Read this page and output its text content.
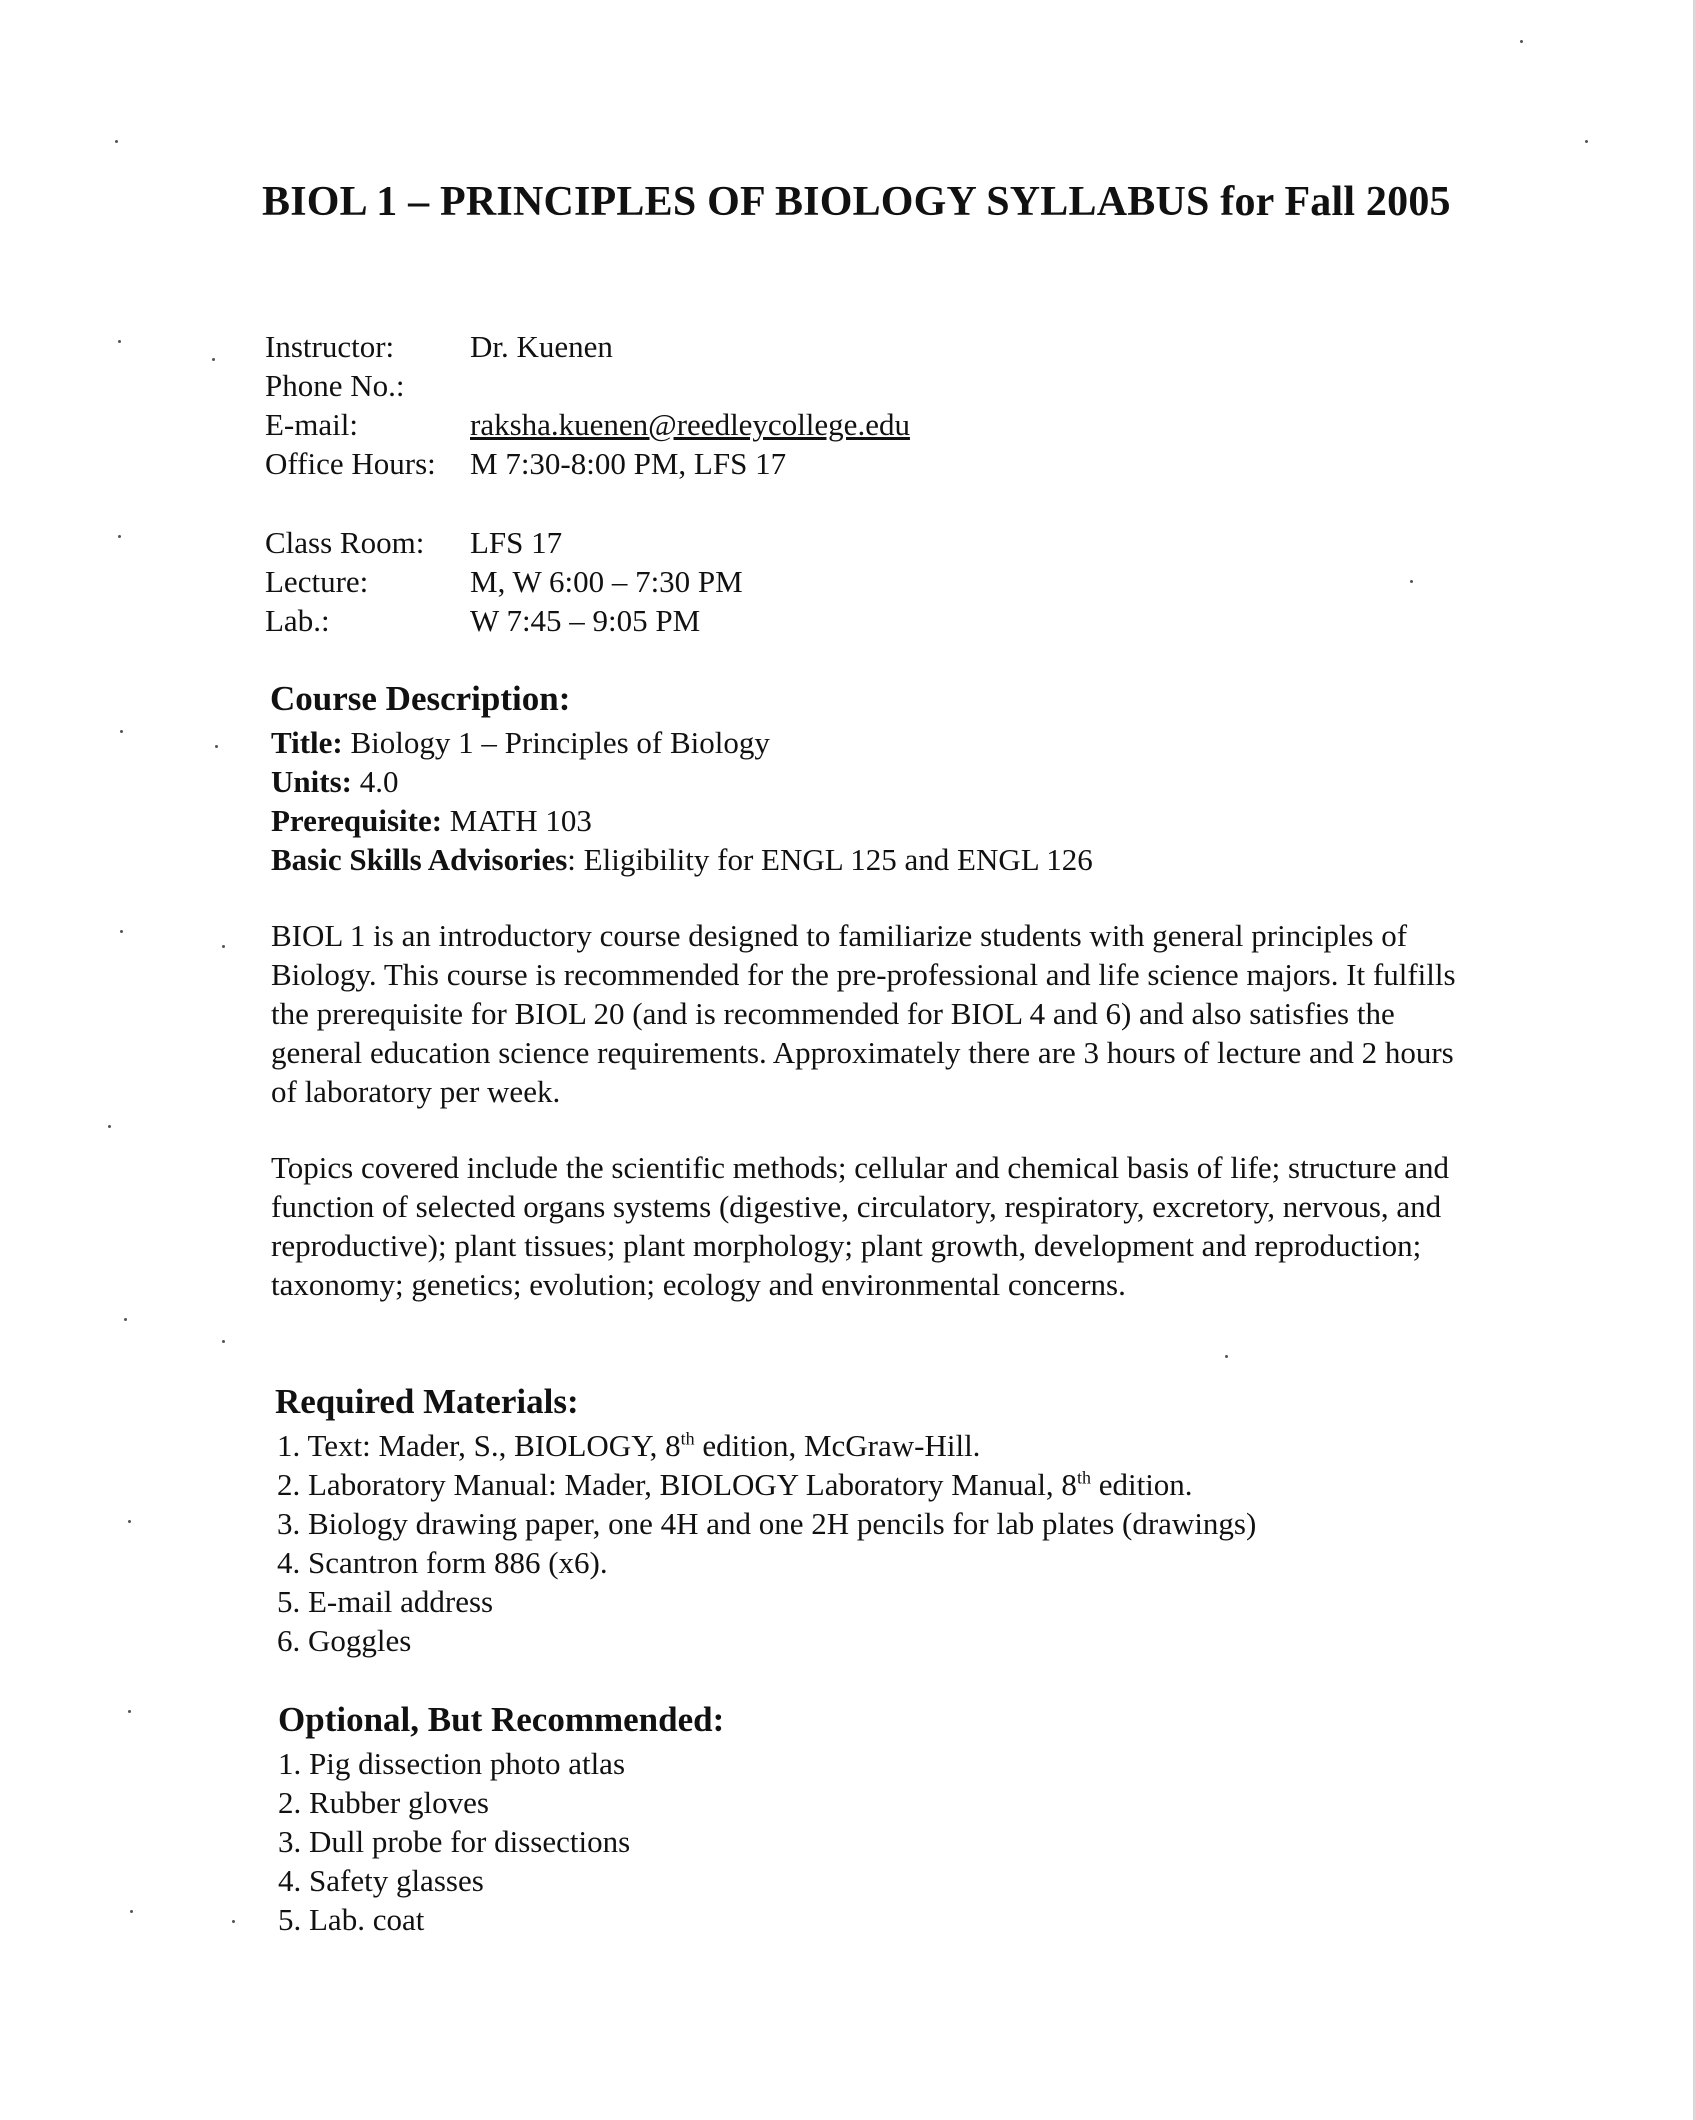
BIOL 1 – PRINCIPLES OF BIOLOGY SYLLABUS for Fall 2005
Instructor:	Dr. Kuenen
Phone No.:
E-mail:	raksha.kuenen@reedleycollege.edu
Office Hours:	M 7:30-8:00 PM, LFS 17
Class Room:	LFS 17
Lecture:	M, W 6:00 – 7:30 PM
Lab.:	W 7:45 – 9:05 PM
Course Description:
Title: Biology 1 – Principles of Biology
Units: 4.0
Prerequisite: MATH 103
Basic Skills Advisories: Eligibility for ENGL 125 and ENGL 126
BIOL 1 is an introductory course designed to familiarize students with general principles of
Biology. This course is recommended for the pre-professional and life science majors. It fulfills
the prerequisite for BIOL 20 (and is recommended for BIOL 4 and 6) and also satisfies the
general education science requirements. Approximately there are 3 hours of lecture and 2 hours
of laboratory per week.
Topics covered include the scientific methods; cellular and chemical basis of life; structure and
function of selected organs systems (digestive, circulatory, respiratory, excretory, nervous, and
reproductive); plant tissues; plant morphology; plant growth, development and reproduction;
taxonomy; genetics; evolution; ecology and environmental concerns.
Required Materials:
1. Text: Mader, S., BIOLOGY, 8th edition, McGraw-Hill.
2. Laboratory Manual: Mader, BIOLOGY Laboratory Manual, 8th edition.
3. Biology drawing paper, one 4H and one 2H pencils for lab plates (drawings)
4. Scantron form 886 (x6).
5. E-mail address
6. Goggles
Optional, But Recommended:
1. Pig dissection photo atlas
2. Rubber gloves
3. Dull probe for dissections
4. Safety glasses
5. Lab. coat
